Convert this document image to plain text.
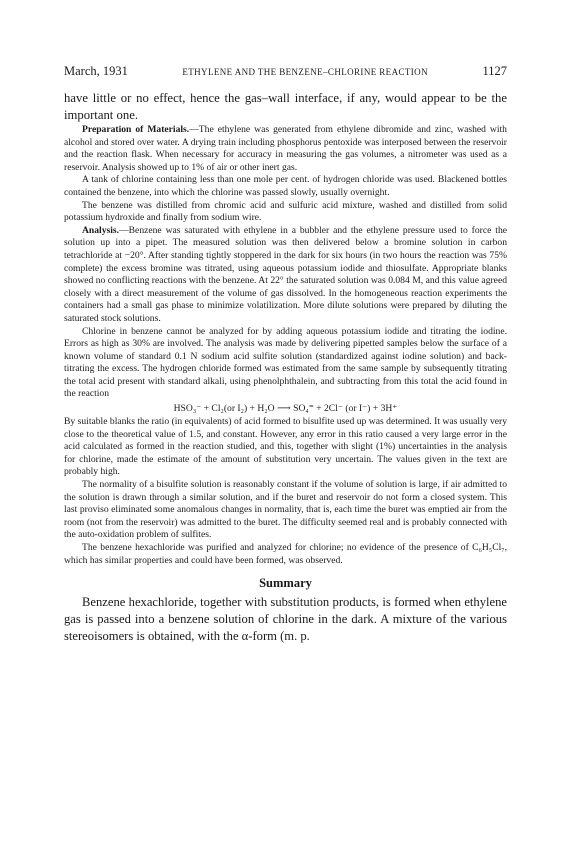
March, 1931	ETHYLENE AND THE BENZENE–CHLORINE REACTION	1127

have little or no effect, hence the gas–wall interface, if any, would appear to be the important one.

Preparation of Materials.—The ethylene was generated from ethylene dibromide and zinc, washed with alcohol and stored over water. A drying train including phosphorus pentoxide was interposed between the reservoir and the reaction flask. When necessary for accuracy in measuring the gas volumes, a nitrometer was used as a reservoir. Analysis showed up to 1% of air or other inert gas.

A tank of chlorine containing less than one mole per cent. of hydrogen chloride was used. Blackened bottles contained the benzene, into which the chlorine was passed slowly, usually overnight.

The benzene was distilled from chromic acid and sulfuric acid mixture, washed and distilled from solid potassium hydroxide and finally from sodium wire.

Analysis.—Benzene was saturated with ethylene in a bubbler and the ethylene pressure used to force the solution up into a pipet. The measured solution was then delivered below a bromine solution in carbon tetrachloride at −20°. After standing tightly stoppered in the dark for six hours (in two hours the reaction was 75% complete) the excess bromine was titrated, using aqueous potassium iodide and thiosulfate. Appropriate blanks showed no conflicting reactions with the benzene. At 22° the saturated solution was 0.084 M, and this value agreed closely with a direct measurement of the volume of gas dissolved. In the homogeneous reaction experiments the containers had a small gas phase to minimize volatilization. More dilute solutions were prepared by diluting the saturated stock solutions.

Chlorine in benzene cannot be analyzed for by adding aqueous potassium iodide and titrating the iodine. Errors as high as 30% are involved. The analysis was made by delivering pipetted samples below the surface of a known volume of standard 0.1 N sodium acid sulfite solution (standardized against iodine solution) and back-titrating the excess. The hydrogen chloride formed was estimated from the same sample by subsequently titrating the total acid present with standard alkali, using phenolphthalein, and subtracting from this total the acid found in the reaction

HSO₃⁻ + Cl₂(or I₂) + H₂O ⟶ SO₄⁼ + 2Cl⁻ (or I⁻) + 3H⁺

By suitable blanks the ratio (in equivalents) of acid formed to bisulfite used up was determined. It was usually very close to the theoretical value of 1.5, and constant. However, any error in this ratio caused a very large error in the acid calculated as formed in the reaction studied, and this, together with slight (1%) uncertainties in the analysis for chlorine, made the estimate of the amount of substitution very uncertain. The values given in the text are probably high.

The normality of a bisulfite solution is reasonably constant if the volume of solution is large, if air admitted to the solution is drawn through a similar solution, and if the buret and reservoir do not form a closed system. This last proviso eliminated some anomalous changes in normality, that is, each time the buret was emptied air from the room (not from the reservoir) was admitted to the buret. The difficulty seemed real and is probably connected with the auto-oxidation problem of sulfites.

The benzene hexachloride was purified and analyzed for chlorine; no evidence of the presence of C₆H₅Cl₇, which has similar properties and could have been formed, was observed.

Summary

Benzene hexachloride, together with substitution products, is formed when ethylene gas is passed into a benzene solution of chlorine in the dark. A mixture of the various stereoisomers is obtained, with the α-form (m. p.
